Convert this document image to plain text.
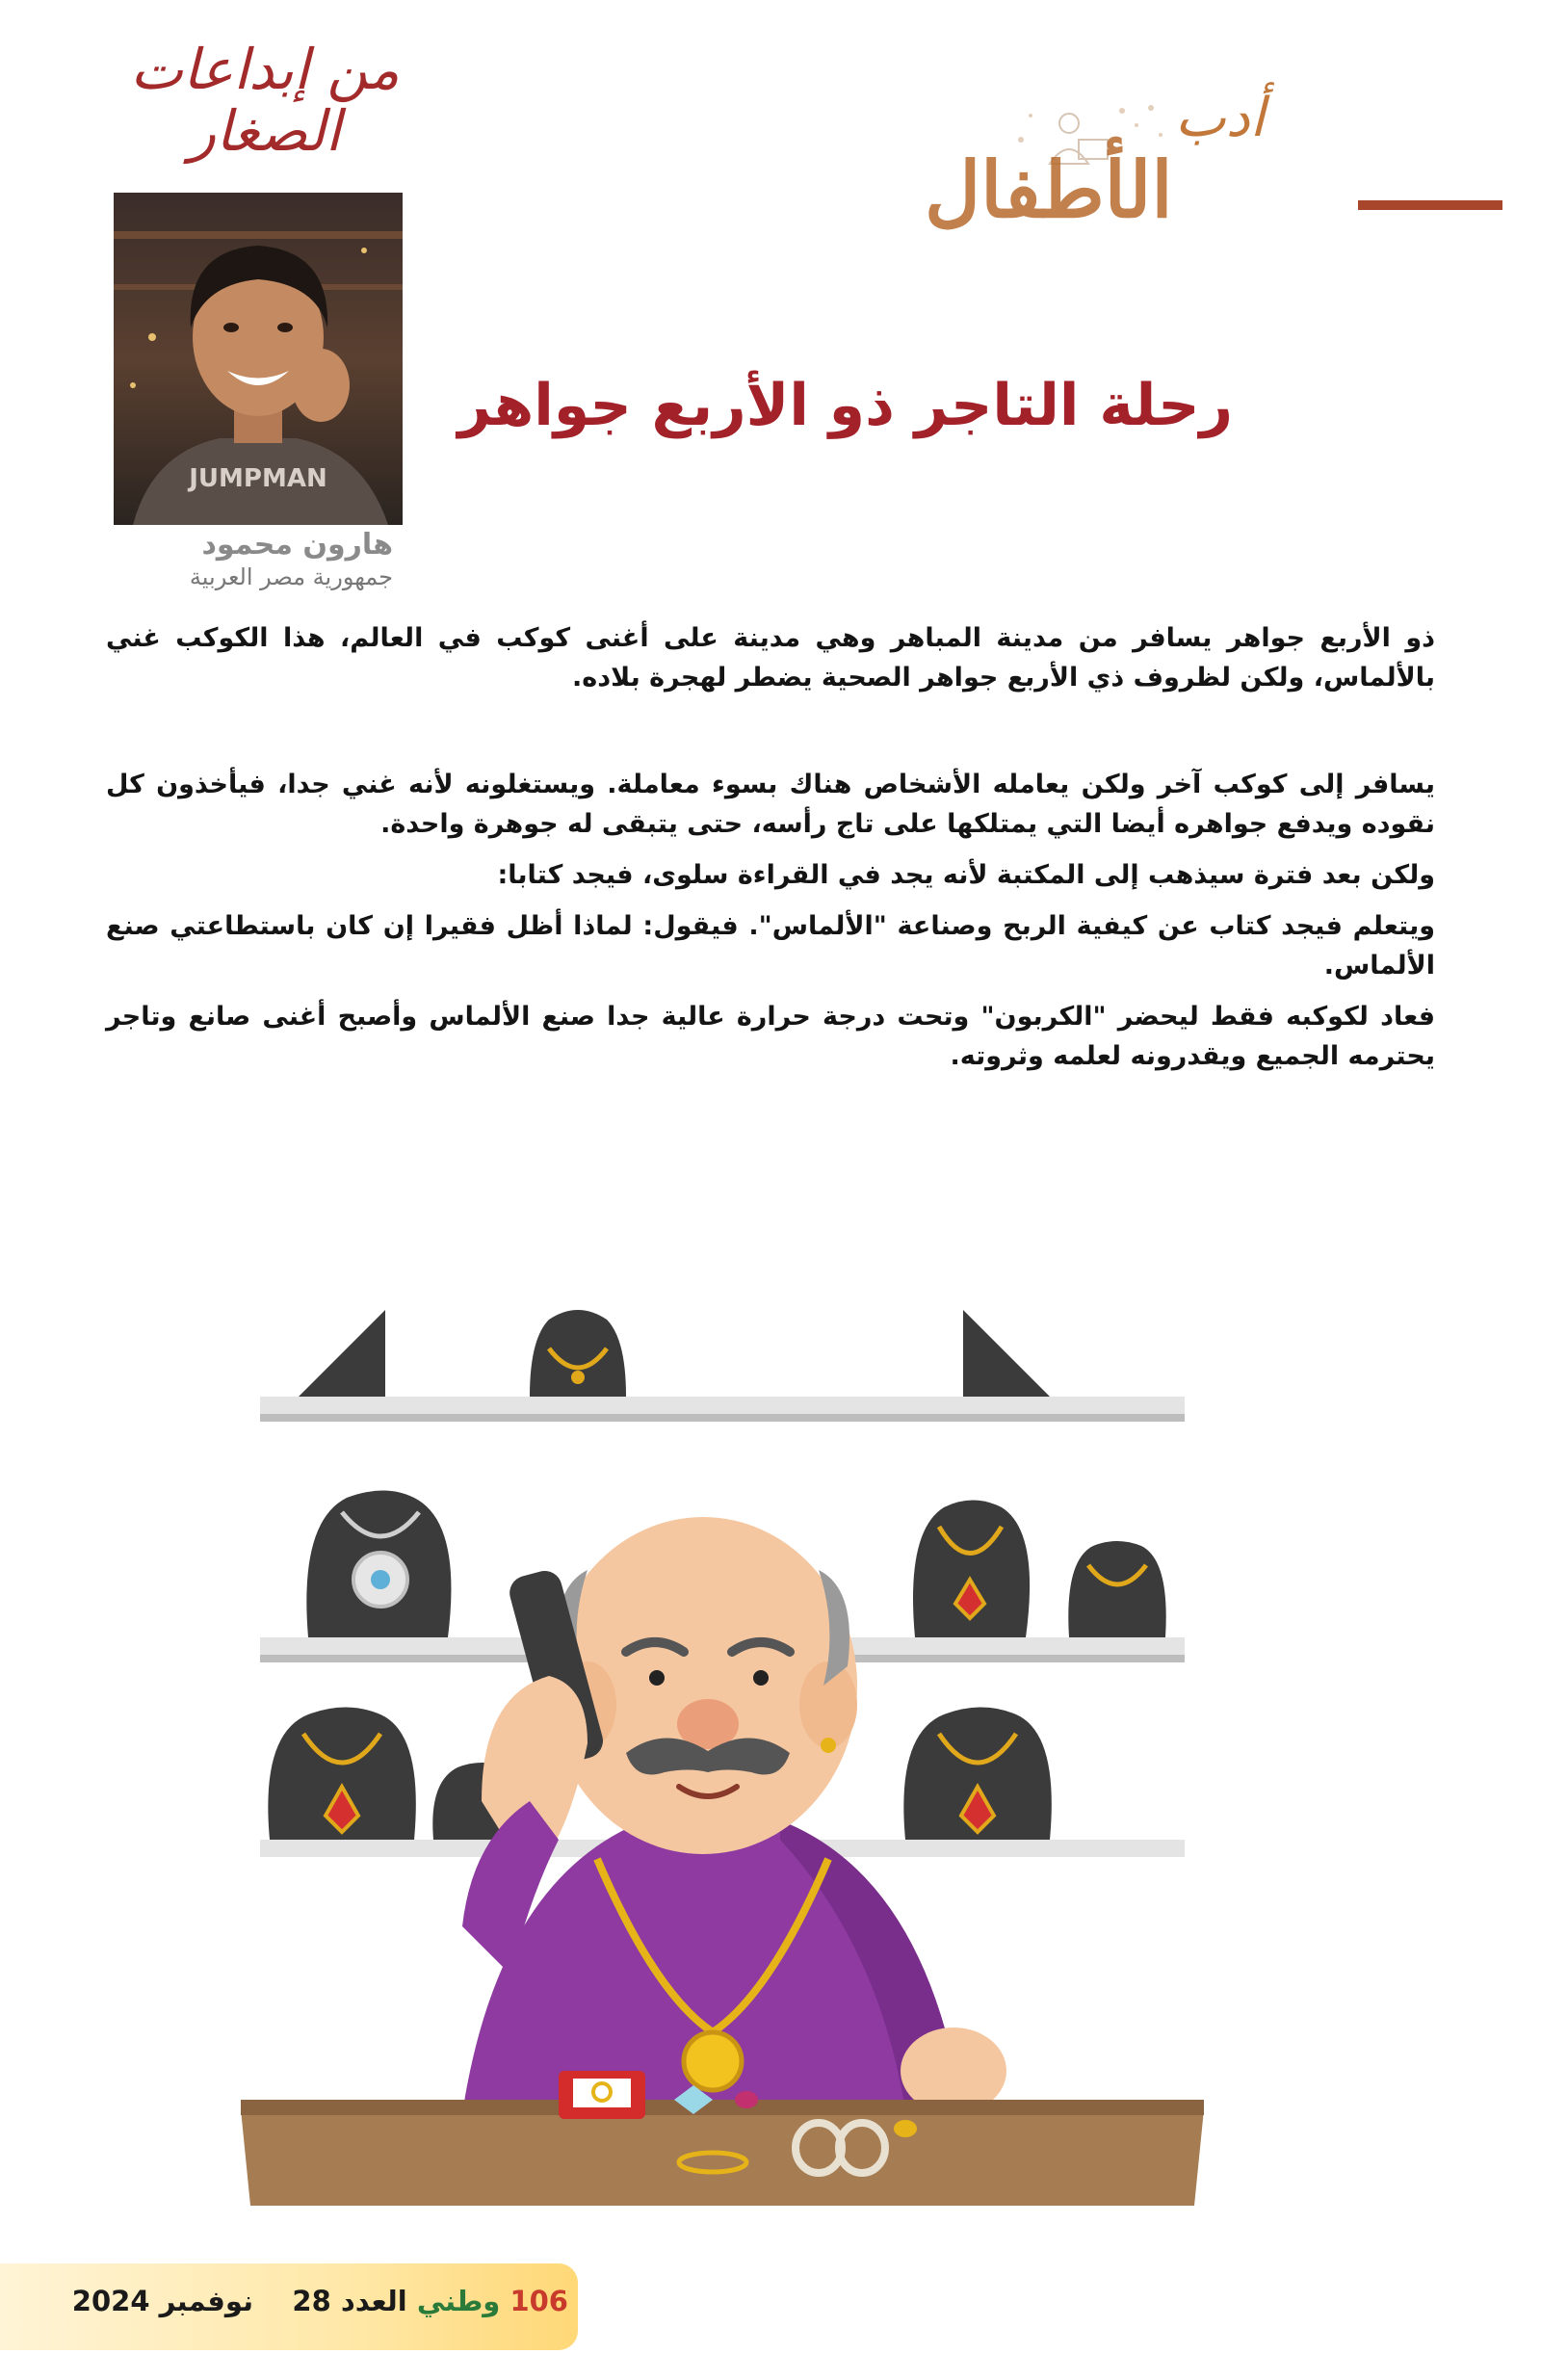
من إبداعات
الصغار	أدب
الأطفال
JUMPMAN
هارون محمود
جمهورية مصر العربية
رحلة التاجر ذو الأربع جواهر

ذو الأربع جواهر يسافر من مدينة المباهر وهي مدينة على أغنى كوكب في العالم، هذا الكوكب غني بالألماس، ولكن لظروف ذي الأربع جواهر الصحية يضطر لهجرة بلاده.

يسافر إلى كوكب آخر ولكن يعامله الأشخاص هناك بسوء معاملة. ويستغلونه لأنه غني جدا، فيأخذون كل نقوده ويدفع جواهره أيضا التي يمتلكها على تاج رأسه، حتى يتبقى له جوهرة واحدة.

ولكن بعد فترة سيذهب إلى المكتبة لأنه يجد في القراءة سلوى، فيجد كتابا:

ويتعلم فيجد كتاب عن كيفية الربح وصناعة "الألماس". فيقول: لماذا أظل فقيرا إن كان باستطاعتي صنع الألماس.

فعاد لكوكبه فقط ليحضر "الكربون" وتحت درجة حرارة عالية جدا صنع الألماس وأصبح أغنى صانع وتاجر يحترمه الجميع ويقدرونه لعلمه وثروته.

106 وطني العدد 28    نوفمبر 2024
